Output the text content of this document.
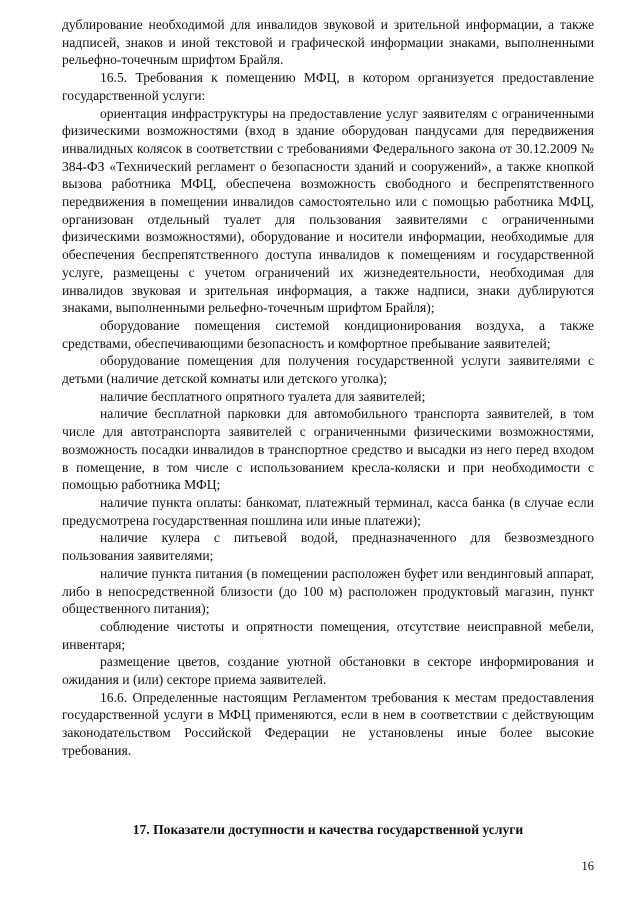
дублирование необходимой для инвалидов звуковой и зрительной информации, а также надписей, знаков и иной текстовой и графической информации знаками, выполненными рельефно-точечным шрифтом Брайля.

16.5. Требования к помещению МФЦ, в котором организуется предоставление государственной услуги:

ориентация инфраструктуры на предоставление услуг заявителям с ограниченными физическими возможностями (вход в здание оборудован пандусами для передвижения инвалидных колясок в соответствии с требованиями Федерального закона от 30.12.2009 № 384-ФЗ «Технический регламент о безопасности зданий и сооружений», а также кнопкой вызова работника МФЦ, обеспечена возможность свободного и беспрепятственного передвижения в помещении инвалидов самостоятельно или с помощью работника МФЦ, организован отдельный туалет для пользования заявителями с ограниченными физическими возможностями), оборудование и носители информации, необходимые для обеспечения беспрепятственного доступа инвалидов к помещениям и государственной услуге, размещены с учетом ограничений их жизнедеятельности, необходимая для инвалидов звуковая и зрительная информация, а также надписи, знаки дублируются знаками, выполненными рельефно-точечным шрифтом Брайля);

оборудование помещения системой кондиционирования воздуха, а также средствами, обеспечивающими безопасность и комфортное пребывание заявителей;

оборудование помещения для получения государственной услуги заявителями с детьми (наличие детской комнаты или детского уголка);

наличие бесплатного опрятного туалета для заявителей;

наличие бесплатной парковки для автомобильного транспорта заявителей, в том числе для автотранспорта заявителей с ограниченными физическими возможностями, возможность посадки инвалидов в транспортное средство и высадки из него перед входом в помещение, в том числе с использованием кресла-коляски и при необходимости с помощью работника МФЦ;

наличие пункта оплаты: банкомат, платежный терминал, касса банка (в случае если предусмотрена государственная пошлина или иные платежи);

наличие кулера с питьевой водой, предназначенного для безвозмездного пользования заявителями;

наличие пункта питания (в помещении расположен буфет или вендинговый аппарат, либо в непосредственной близости (до 100 м) расположен продуктовый магазин, пункт общественного питания);

соблюдение чистоты и опрятности помещения, отсутствие неисправной мебели, инвентаря;

размещение цветов, создание уютной обстановки в секторе информирования и ожидания и (или) секторе приема заявителей.

16.6. Определенные настоящим Регламентом требования к местам предоставления государственной услуги в МФЦ применяются, если в нем в соответствии с действующим законодательством Российской Федерации не установлены иные более высокие требования.

17. Показатели доступности и качества государственной услуги
16
